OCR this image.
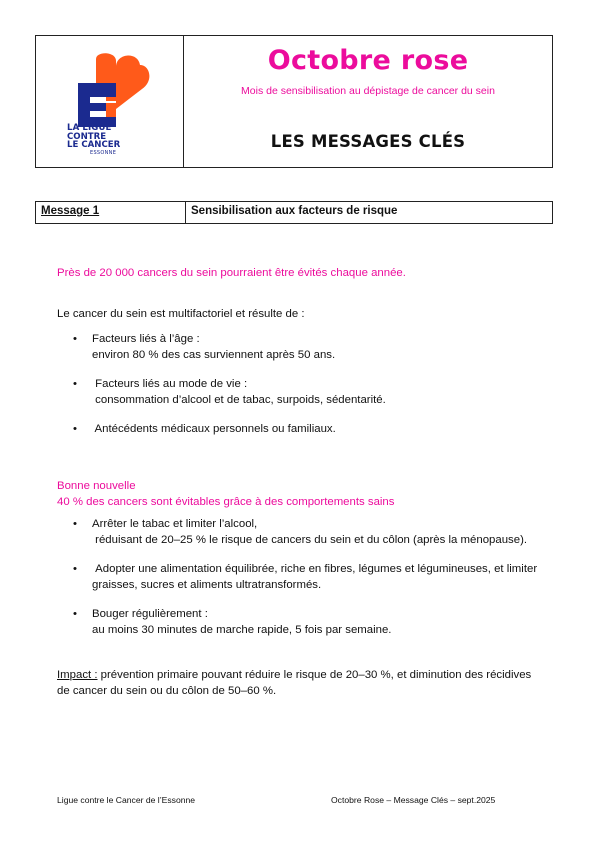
LA LIGUE
CONTRE
LE CANCER
ESSONNE
Octobre rose
Mois de sensibilisation au dépistage de cancer du sein
LES MESSAGES CLÉS
Message 1	Sensibilisation aux facteurs de risque

Près de 20 000 cancers du sein pourraient être évités chaque année.

Le cancer du sein est multifactoriel et résulte de :

• Facteurs liés à l’âge :
environ 80 % des cas surviennent après 50 ans.
•  Facteurs liés au mode de vie :
consommation d’alcool et de tabac, surpoids, sédentarité.
•  Antécédents médicaux personnels ou familiaux.

Bonne nouvelle

40 % des cancers sont évitables grâce à des comportements sains

• Arrêter le tabac et limiter l’alcool,
réduisant de 20–25 % le risque de cancers du sein et du côlon (après la ménopause).
•  Adopter une alimentation équilibrée, riche en fibres, légumes et légumineuses, et limiter graisses, sucres et aliments ultratransformés.
• Bouger régulièrement :
au moins 30 minutes de marche rapide, 5 fois par semaine.

Impact : prévention primaire pouvant réduire le risque de 20–30 %, et diminution des récidives de cancer du sein ou du côlon de 50–60 %.

Ligue contre le Cancer de l’Essonne	Octobre Rose – Message Clés – sept.2025
